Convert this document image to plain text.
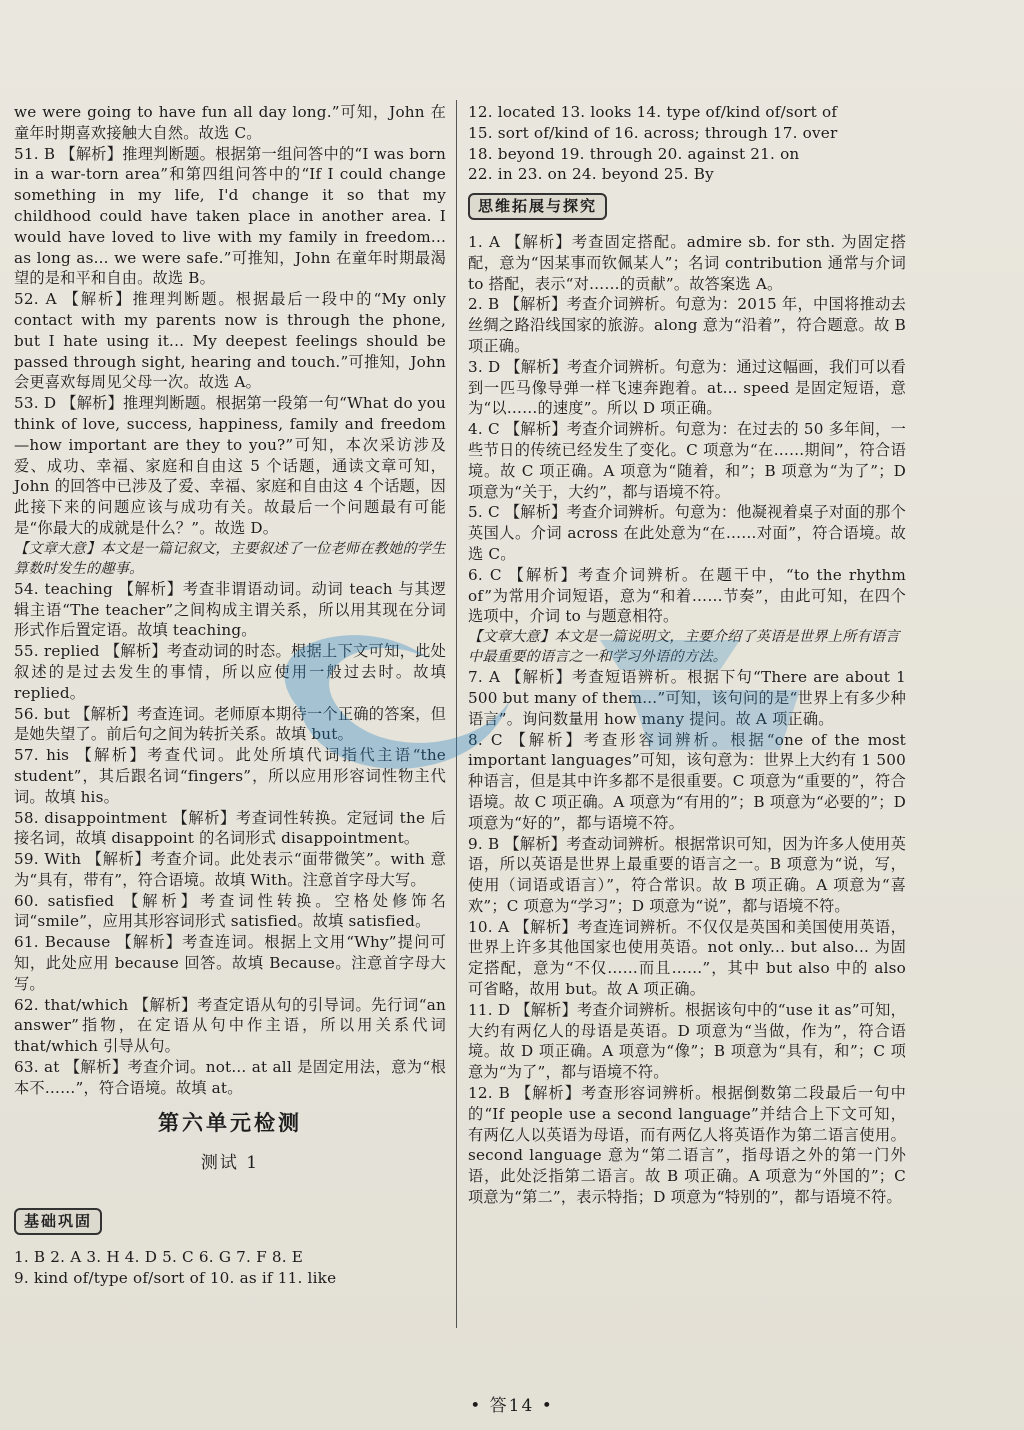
we were going to have fun all day long.”可知，John 在童年时期喜欢接触大自然。故选 C。

51. B 【解析】推理判断题。根据第一组问答中的“I was born in a war-torn area”和第四组问答中的“If I could change something in my life, I'd change it so that my childhood could have taken place in another area. I would have loved to live with my family in freedom... as long as... we were safe.”可推知，John 在童年时期最渴望的是和平和自由。故选 B。

52. A 【解析】推理判断题。根据最后一段中的“My only contact with my parents now is through the phone, but I hate using it... My deepest feelings should be passed through sight, hearing and touch.”可推知，John 会更喜欢每周见父母一次。故选 A。

53. D 【解析】推理判断题。根据第一段第一句“What do you think of love, success, happiness, family and freedom—how important are they to you?”可知，本次采访涉及爱、成功、幸福、家庭和自由这 5 个话题，通读文章可知，John 的回答中已涉及了爱、幸福、家庭和自由这 4 个话题，因此接下来的问题应该与成功有关。故最后一个问题最有可能是“你最大的成就是什么？”。故选 D。

【文章大意】本文是一篇记叙文，主要叙述了一位老师在教她的学生算数时发生的趣事。

54. teaching 【解析】考查非谓语动词。动词 teach 与其逻辑主语“The teacher”之间构成主谓关系，所以用其现在分词形式作后置定语。故填 teaching。

55. replied 【解析】考查动词的时态。根据上下文可知，此处叙述的是过去发生的事情，所以应使用一般过去时。故填 replied。

56. but 【解析】考查连词。老师原本期待一个正确的答案，但是她失望了。前后句之间为转折关系。故填 but。

57. his 【解析】考查代词。此处所填代词指代主语“the student”，其后跟名词“fingers”，所以应用形容词性物主代词。故填 his。

58. disappointment 【解析】考查词性转换。定冠词 the 后接名词，故填 disappoint 的名词形式 disappointment。

59. With 【解析】考查介词。此处表示“面带微笑”。with 意为“具有，带有”，符合语境。故填 With。注意首字母大写。

60. satisfied 【解析】考查词性转换。空格处修饰名词“smile”，应用其形容词形式 satisfied。故填 satisfied。

61. Because 【解析】考查连词。根据上文用“Why”提问可知，此处应用 because 回答。故填 Because。注意首字母大写。

62. that/which 【解析】考查定语从句的引导词。先行词“an answer”指物，在定语从句中作主语，所以用关系代词 that/which 引导从句。

63. at 【解析】考查介词。not... at all 是固定用法，意为“根本不……”，符合语境。故填 at。

第六单元检测
测试 1
基础巩固

1. B 2. A 3. H 4. D 5. C 6. G 7. F 8. E

9. kind of/type of/sort of 10. as if 11. like

12. located 13. looks 14. type of/kind of/sort of

15. sort of/kind of 16. across; through 17. over

18. beyond 19. through 20. against 21. on

22. in 23. on 24. beyond 25. By

思维拓展与探究

1. A 【解析】考查固定搭配。admire sb. for sth. 为固定搭配，意为“因某事而钦佩某人”；名词 contribution 通常与介词 to 搭配，表示“对……的贡献”。故答案选 A。

2. B 【解析】考查介词辨析。句意为：2015 年，中国将推动去丝绸之路沿线国家的旅游。along 意为“沿着”，符合题意。故 B 项正确。

3. D 【解析】考查介词辨析。句意为：通过这幅画，我们可以看到一匹马像导弹一样飞速奔跑着。at... speed 是固定短语，意为“以……的速度”。所以 D 项正确。

4. C 【解析】考查介词辨析。句意为：在过去的 50 多年间，一些节日的传统已经发生了变化。C 项意为“在……期间”，符合语境。故 C 项正确。A 项意为“随着，和”；B 项意为“为了”；D 项意为“关于，大约”，都与语境不符。

5. C 【解析】考查介词辨析。句意为：他凝视着桌子对面的那个英国人。介词 across 在此处意为“在……对面”，符合语境。故选 C。

6. C 【解析】考查介词辨析。在题干中，“to the rhythm of”为常用介词短语，意为“和着……节奏”，由此可知，在四个选项中，介词 to 与题意相符。

【文章大意】本文是一篇说明文，主要介绍了英语是世界上所有语言中最重要的语言之一和学习外语的方法。

7. A 【解析】考查短语辨析。根据下句“There are about 1 500 but many of them...”可知，该句问的是“世界上有多少种语言”。询问数量用 how many 提问。故 A 项正确。

8. C 【解析】考查形容词辨析。根据“one of the most important languages”可知，该句意为：世界上大约有 1 500 种语言，但是其中许多都不是很重要。C 项意为“重要的”，符合语境。故 C 项正确。A 项意为“有用的”；B 项意为“必要的”；D 项意为“好的”，都与语境不符。

9. B 【解析】考查动词辨析。根据常识可知，因为许多人使用英语，所以英语是世界上最重要的语言之一。B 项意为“说，写，使用（词语或语言）”，符合常识。故 B 项正确。A 项意为“喜欢”；C 项意为“学习”；D 项意为“说”，都与语境不符。

10. A 【解析】考查连词辨析。不仅仅是英国和美国使用英语，世界上许多其他国家也使用英语。not only... but also... 为固定搭配，意为“不仅……而且……”，其中 but also 中的 also 可省略，故用 but。故 A 项正确。

11. D 【解析】考查介词辨析。根据该句中的“use it as”可知，大约有两亿人的母语是英语。D 项意为“当做，作为”，符合语境。故 D 项正确。A 项意为“像”；B 项意为“具有，和”；C 项意为“为了”，都与语境不符。

12. B 【解析】考查形容词辨析。根据倒数第二段最后一句中的“If people use a second language”并结合上下文可知，有两亿人以英语为母语，而有两亿人将英语作为第二语言使用。second language 意为“第二语言”，指母语之外的第一门外语，此处泛指第二语言。故 B 项正确。A 项意为“外国的”；C 项意为“第二”，表示特指；D 项意为“特别的”，都与语境不符。

• 答14 •
